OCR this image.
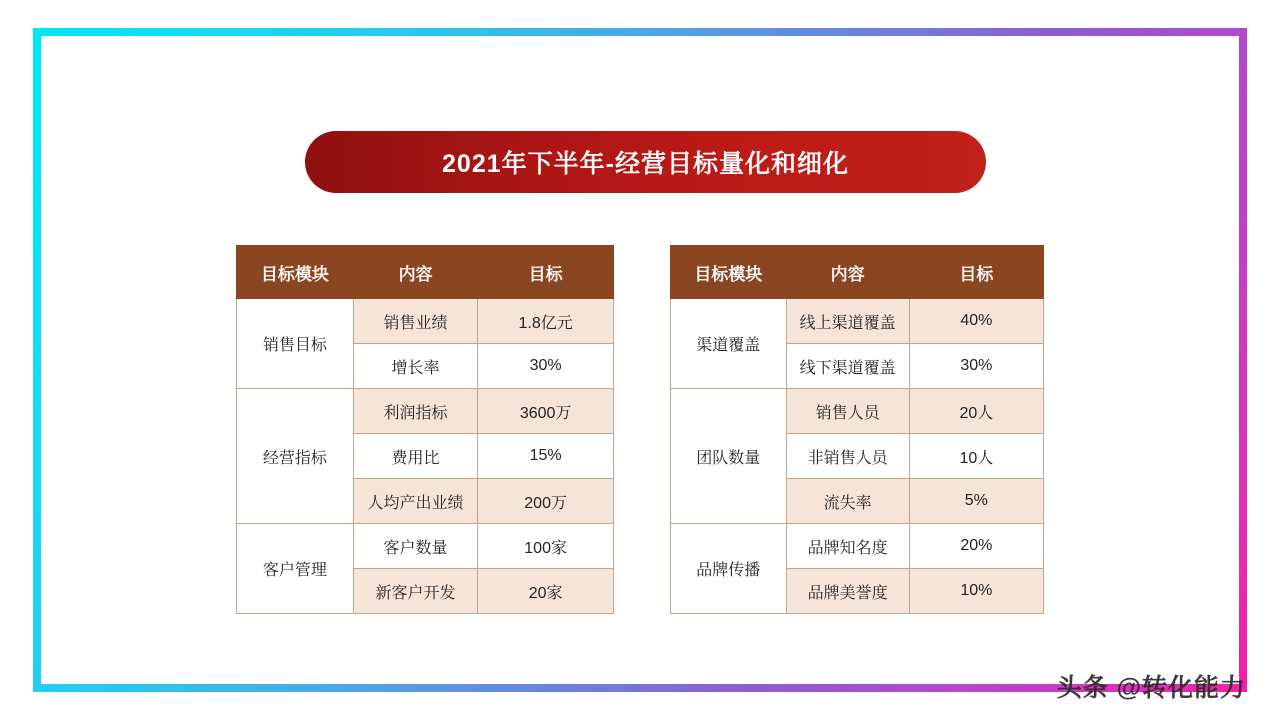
2021年下半年-经营目标量化和细化
目标模块	内容	目标
销售目标	销售业绩	1.8亿元
	增长率	30%
经营指标	利润指标	3600万
	费用比	15%
	人均产出业绩	200万
客户管理	客户数量	100家
	新客户开发	20家
目标模块	内容	目标
渠道覆盖	线上渠道覆盖	40%
	线下渠道覆盖	30%
团队数量	销售人员	20人
	非销售人员	10人
	流失率	5%
品牌传播	品牌知名度	20%
	品牌美誉度	10%
头条 @转化能力
